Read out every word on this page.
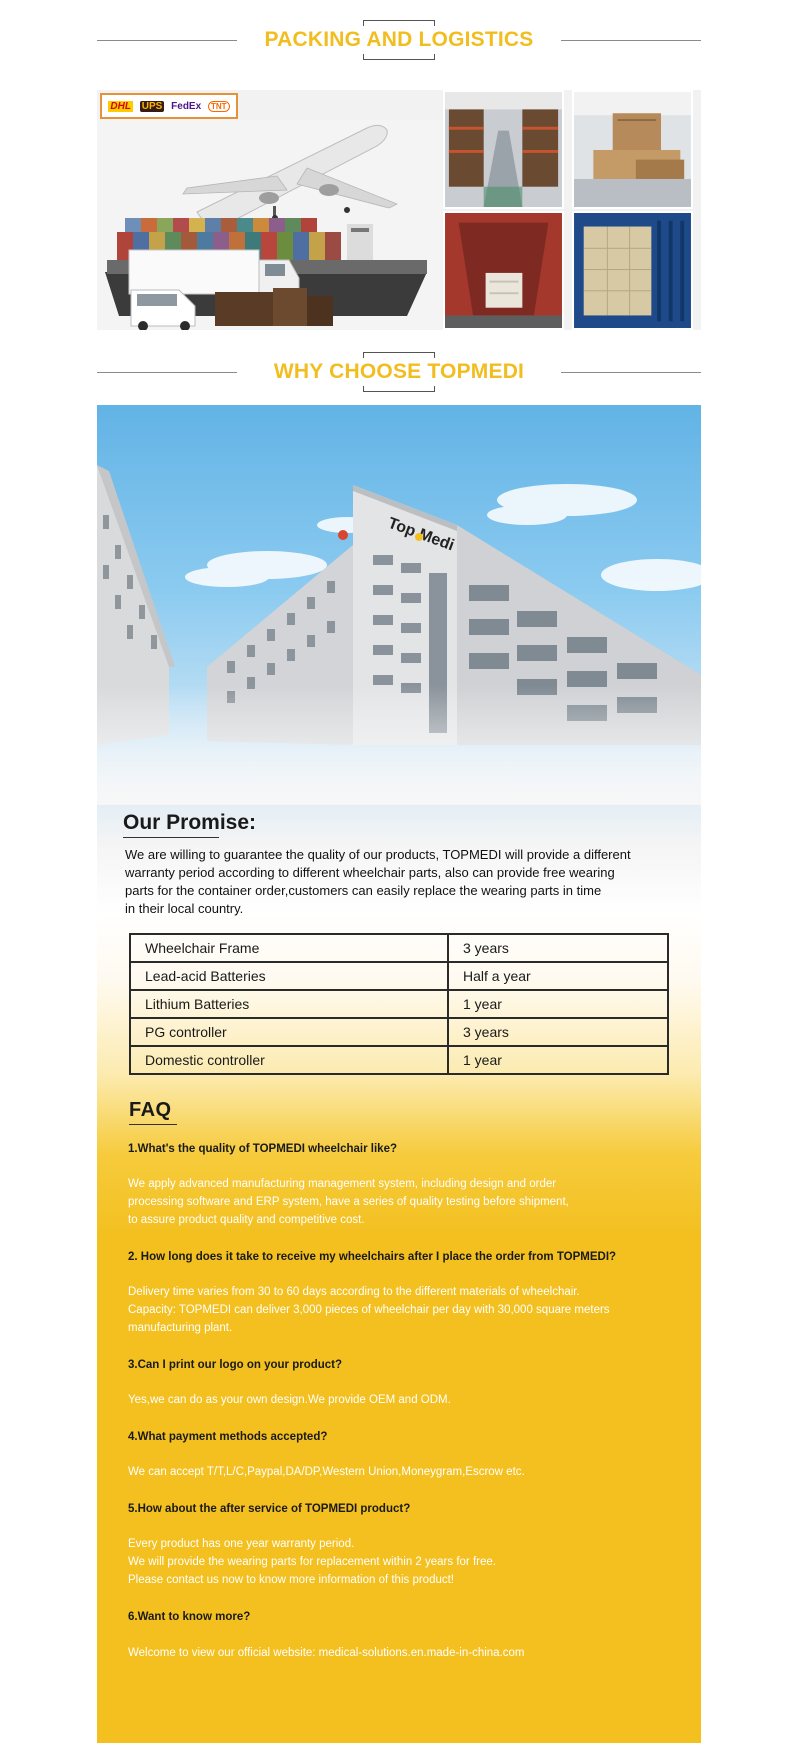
PACKING AND LOGISTICS
DHL UPS FedEx	TNT
WHY CHOOSE TOPMEDI
Top Medi
Our Promise:
We are willing to guarantee the quality of our products, TOPMEDI will provide a different
warranty period according to different wheelchair parts, also can provide free wearing
parts for the container order,customers can easily replace the wearing parts in time
in their local country.
Wheelchair Frame	3 years
Lead-acid Batteries	Half a year
Lithium Batteries	1 year
PG controller	3 years
Domestic controller	1 year
FAQ
1.What's the quality of TOPMEDI wheelchair like?
We apply advanced manufacturing management system, including design and order
processing software and ERP system, have a series of quality testing before shipment,
to assure product quality and competitive cost.
2. How long does it take to receive my wheelchairs after I place the order from TOPMEDI?
Delivery time varies from 30 to 60 days according to the different materials of wheelchair.
Capacity: TOPMEDI can deliver 3,000 pieces of wheelchair per day with 30,000 square meters
manufacturing plant.
3.Can I print our logo on your product?
Yes,we can do as your own design.We provide OEM and ODM.
4.What payment methods accepted?
We can accept T/T,L/C,Paypal,DA/DP,Western Union,Moneygram,Escrow etc.
5.How about the after service of TOPMEDI product?
Every product has one year warranty period.
We will provide the wearing parts for replacement within 2 years for free.
Please contact us now to know more information of this product!
6.Want to know more?
Welcome to view our official website: medical-solutions.en.made-in-china.com
